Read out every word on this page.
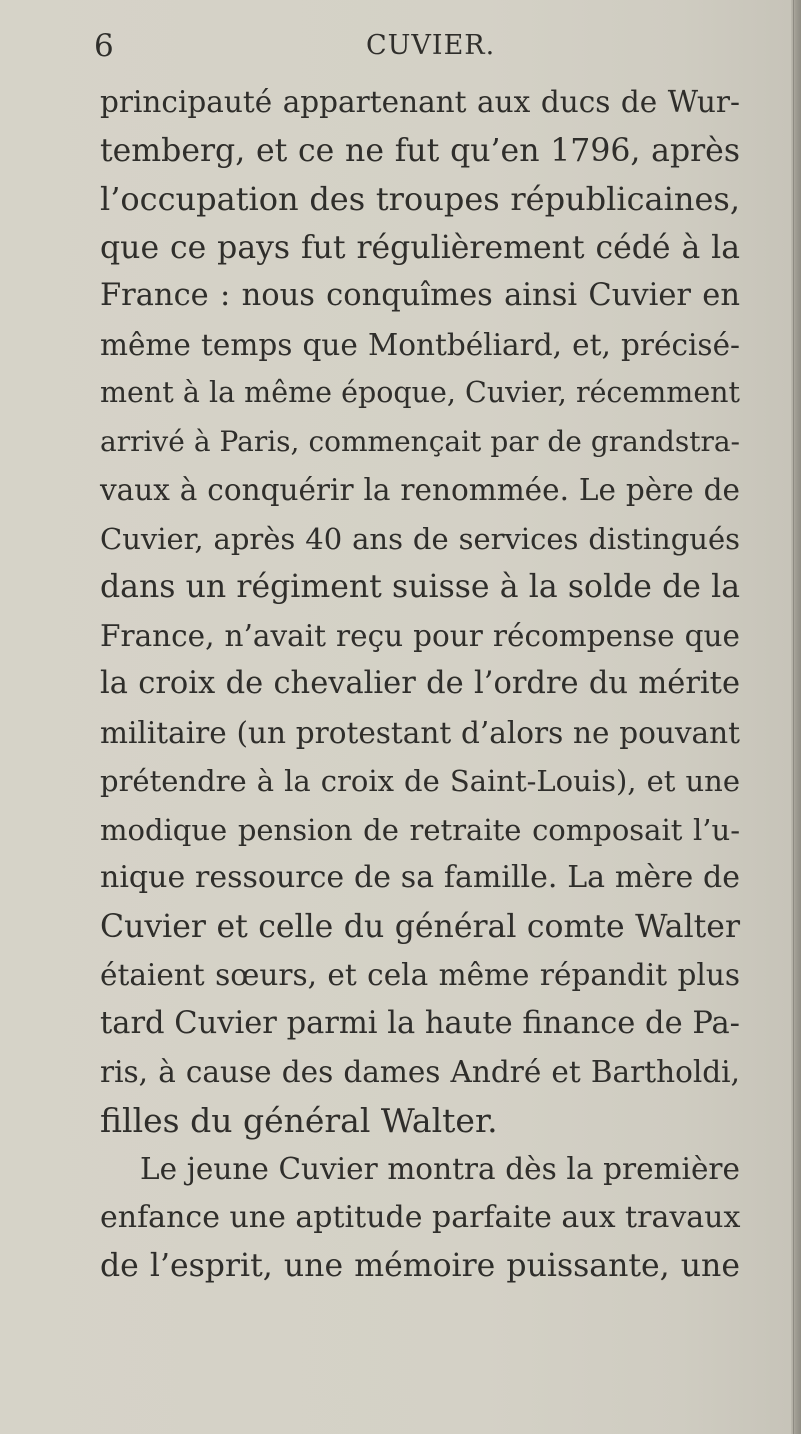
6	CUVIER.
principauté appartenant aux ducs de Wur-
temberg, et ce ne fut qu’en 1796, après
l’occupation des troupes républicaines,
que ce pays fut régulièrement cédé à la
France : nous conquîmes ainsi Cuvier en
même temps que Montbéliard, et, précisé-
ment à la même époque, Cuvier, récemment
arrivé à Paris, commençait par de grandstra-
vaux à conquérir la renommée. Le père de
Cuvier, après 40 ans de services distingués
dans un régiment suisse à la solde de la
France, n’avait reçu pour récompense que
la croix de chevalier de l’ordre du mérite
militaire (un protestant d’alors ne pouvant
prétendre à la croix de Saint-Louis), et une
modique pension de retraite composait l’u-
nique ressource de sa famille. La mère de
Cuvier et celle du général comte Walter
étaient sœurs, et cela même répandit plus
tard Cuvier parmi la haute finance de Pa-
ris, à cause des dames André et Bartholdi,
filles du général Walter.
Le jeune Cuvier montra dès la première
enfance une aptitude parfaite aux travaux
de l’esprit, une mémoire puissante, une
